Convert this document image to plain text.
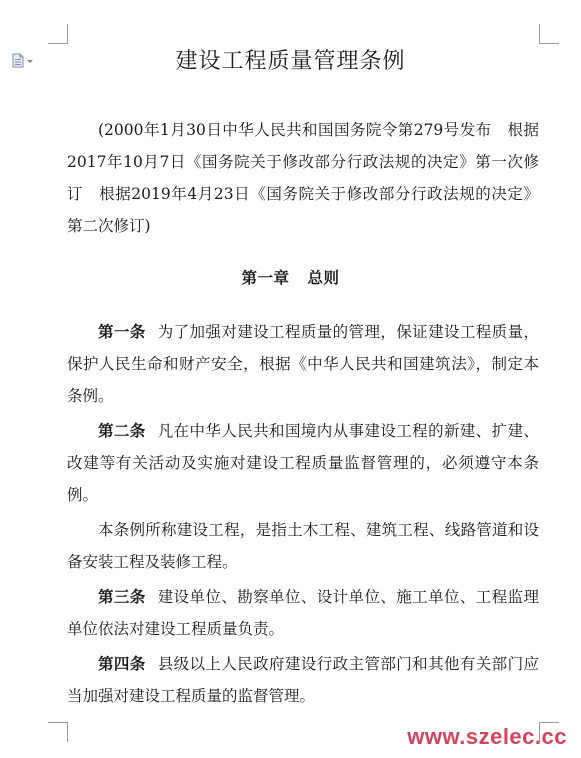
建设工程质量管理条例

(2000年1月30日中华人民共和国国务院令第279号发布　根据2017年10月7日《国务院关于修改部分行政法规的决定》第一次修订　根据2019年4月23日《国务院关于修改部分行政法规的决定》第二次修订)

第一章 总则

第一条 为了加强对建设工程质量的管理，保证建设工程质量，保护人民生命和财产安全，根据《中华人民共和国建筑法》，制定本条例。

第二条 凡在中华人民共和国境内从事建设工程的新建、扩建、改建等有关活动及实施对建设工程质量监督管理的，必须遵守本条例。

本条例所称建设工程，是指土木工程、建筑工程、线路管道和设备安装工程及装修工程。

第三条 建设单位、勘察单位、设计单位、施工单位、工程监理单位依法对建设工程质量负责。

第四条 县级以上人民政府建设行政主管部门和其他有关部门应当加强对建设工程质量的监督管理。

www.szelec.cc
